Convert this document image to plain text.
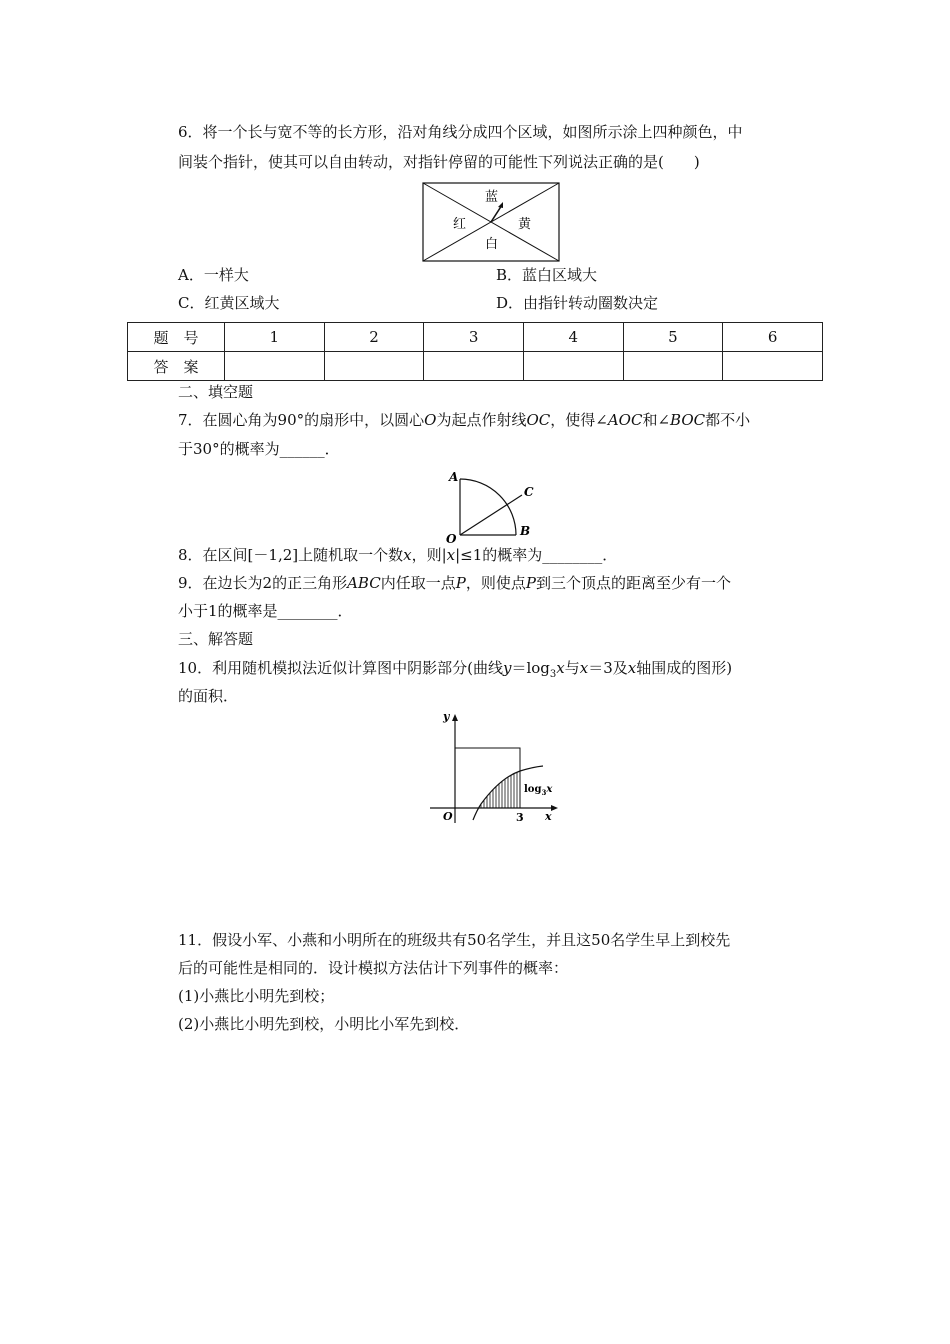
6．将一个长与宽不等的长方形，沿对角线分成四个区域，如图所示涂上四种颜色，中
间装个指针，使其可以自由转动，对指针停留的可能性下列说法正确的是(　　)
蓝
红	黄
白
A．一样大	B．蓝白区域大
C．红黄区域大	D．由指针转动圈数决定
题　号	1	2	3	4	5	6
答　案						
二、填空题
7．在圆心角为90°的扇形中，以圆心O为起点作射线OC，使得∠AOC和∠BOC都不小
于30°的概率为______．
A
C
B
O
8．在区间[－1,2]上随机取一个数x，则|x|≤1的概率为________．
9．在边长为2的正三角形ABC内任取一点P，则使点P到三个顶点的距离至少有一个
小于1的概率是________．
三、解答题
10．利用随机模拟法近似计算图中阴影部分(曲线$y=\log_3x$与x＝3及x轴围成的图形)
的面积．
y
x
O	3
$\log_3x$
11．假设小军、小燕和小明所在的班级共有50名学生，并且这50名学生早上到校先
后的可能性是相同的．设计模拟方法估计下列事件的概率：
(1)小燕比小明先到校；
(2)小燕比小明先到校，小明比小军先到校．
